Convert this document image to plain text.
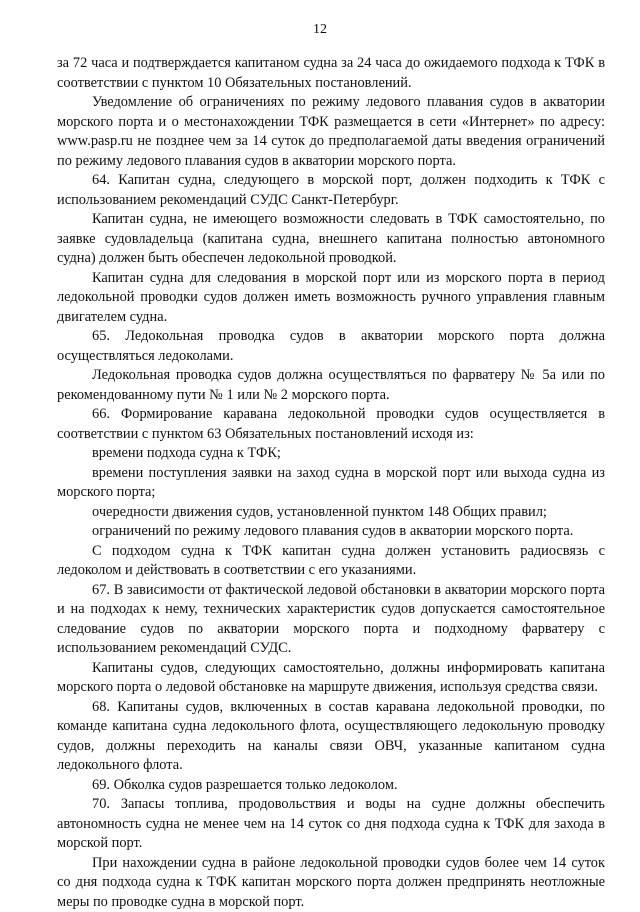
12

за 72 часа и подтверждается капитаном судна за 24 часа до ожидаемого подхода к ТФК в соответствии с пунктом 10 Обязательных постановлений.

Уведомление об ограничениях по режиму ледового плавания судов в акватории морского порта и о местонахождении ТФК размещается в сети «Интернет» по адресу: www.pasp.ru не позднее чем за 14 суток до предполагаемой даты введения ограничений по режиму ледового плавания судов в акватории морского порта.

64. Капитан судна, следующего в морской порт, должен подходить к ТФК с использованием рекомендаций СУДС Санкт-Петербург.

Капитан судна, не имеющего возможности следовать в ТФК самостоятельно, по заявке судовладельца (капитана судна, внешнего капитана полностью автономного судна) должен быть обеспечен ледокольной проводкой.

Капитан судна для следования в морской порт или из морского порта в период ледокольной проводки судов должен иметь возможность ручного управления главным двигателем судна.

65. Ледокольная проводка судов в акватории морского порта должна осуществляться ледоколами.

Ледокольная проводка судов должна осуществляться по фарватеру № 5а или по рекомендованному пути № 1 или № 2 морского порта.

66. Формирование каравана ледокольной проводки судов осуществляется в соответствии с пунктом 63 Обязательных постановлений исходя из:

времени подхода судна к ТФК;

времени поступления заявки на заход судна в морской порт или выхода судна из морского порта;

очередности движения судов, установленной пунктом 148 Общих правил;

ограничений по режиму ледового плавания судов в акватории морского порта.

С подходом судна к ТФК капитан судна должен установить радиосвязь с ледоколом и действовать в соответствии с его указаниями.

67. В зависимости от фактической ледовой обстановки в акватории морского порта и на подходах к нему, технических характеристик судов допускается самостоятельное следование судов по акватории морского порта и подходному фарватеру с использованием рекомендаций СУДС.

Капитаны судов, следующих самостоятельно, должны информировать капитана морского порта о ледовой обстановке на маршруте движения, используя средства связи.

68. Капитаны судов, включенных в состав каравана ледокольной проводки, по команде капитана судна ледокольного флота, осуществляющего ледокольную проводку судов, должны переходить на каналы связи ОВЧ, указанные капитаном судна ледокольного флота.

69. Обколка судов разрешается только ледоколом.

70. Запасы топлива, продовольствия и воды на судне должны обеспечить автономность судна не менее чем на 14 суток со дня подхода судна к ТФК для захода в морской порт.

При нахождении судна в районе ледокольной проводки судов более чем 14 суток со дня подхода судна к ТФК капитан морского порта должен предпринять неотложные меры по проводке судна в морской порт.
